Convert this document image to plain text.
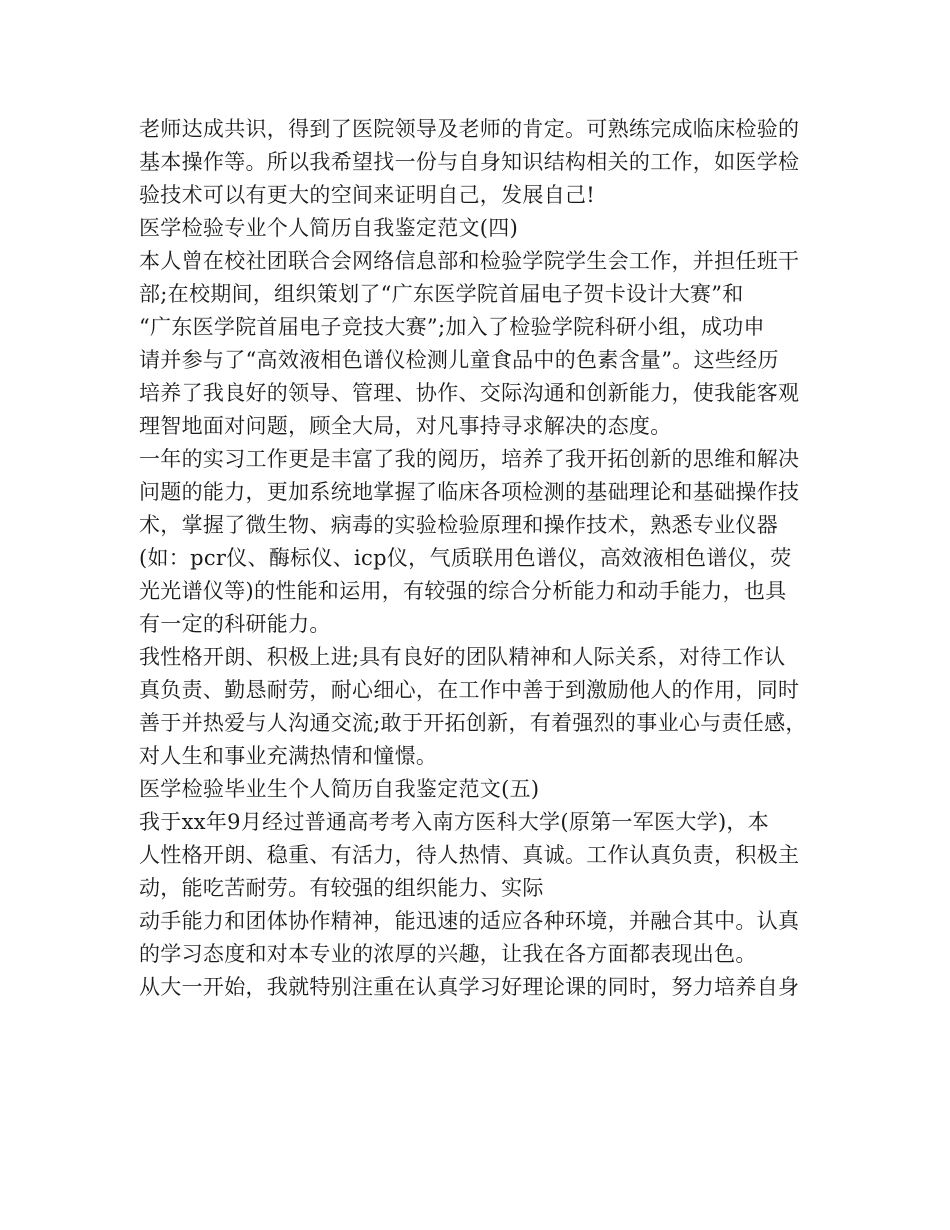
老师达成共识，得到了医院领导及老师的肯定。可熟练完成临床检验的
基本操作等。所以我希望找一份与自身知识结构相关的工作，如医学检
验技术可以有更大的空间来证明自己，发展自己!
医学检验专业个人简历自我鉴定范文(四)
本人曾在校社团联合会网络信息部和检验学院学生会工作，并担任班干
部;在校期间，组织策划了“广东医学院首届电子贺卡设计大赛”和
“广东医学院首届电子竞技大赛”;加入了检验学院科研小组，成功申
请并参与了“高效液相色谱仪检测儿童食品中的色素含量”。这些经历
培养了我良好的领导、管理、协作、交际沟通和创新能力，使我能客观
理智地面对问题，顾全大局，对凡事持寻求解决的态度。
一年的实习工作更是丰富了我的阅历，培养了我开拓创新的思维和解决
问题的能力，更加系统地掌握了临床各项检测的基础理论和基础操作技
术，掌握了微生物、病毒的实验检验原理和操作技术，熟悉专业仪器
(如：pcr仪、酶标仪、icp仪，气质联用色谱仪，高效液相色谱仪，荧
光光谱仪等)的性能和运用，有较强的综合分析能力和动手能力，也具
有一定的科研能力。
我性格开朗、积极上进;具有良好的团队精神和人际关系，对待工作认
真负责、勤恳耐劳，耐心细心，在工作中善于到激励他人的作用，同时
善于并热爱与人沟通交流;敢于开拓创新，有着强烈的事业心与责任感，
对人生和事业充满热情和憧憬。
医学检验毕业生个人简历自我鉴定范文(五)
我于xx年9月经过普通高考考入南方医科大学(原第一军医大学)，本
人性格开朗、稳重、有活力，待人热情、真诚。工作认真负责，积极主
动，能吃苦耐劳。有较强的组织能力、实际
动手能力和团体协作精神，能迅速的适应各种环境，并融合其中。认真
的学习态度和对本专业的浓厚的兴趣，让我在各方面都表现出色。
从大一开始，我就特别注重在认真学习好理论课的同时，努力培养自身
